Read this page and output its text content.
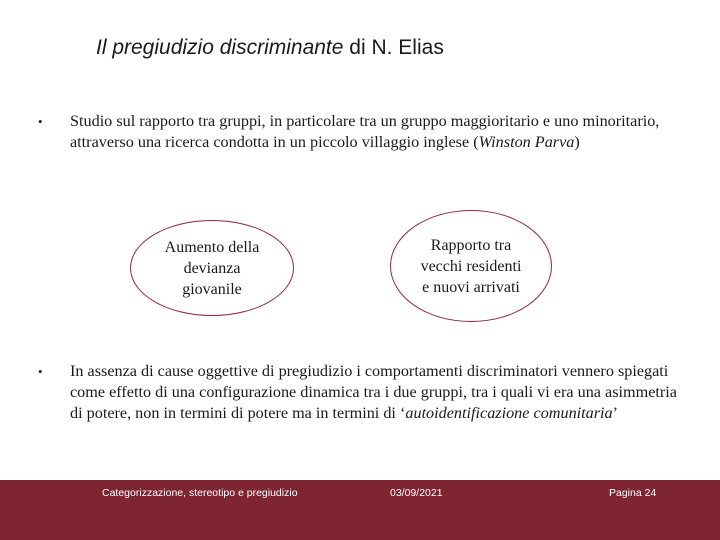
Il pregiudizio discriminante di N. Elias
• Studio sul rapporto tra gruppi, in particolare tra un gruppo maggioritario e uno minoritario, attraverso una ricerca condotta in un piccolo villaggio inglese (Winston Parva)
Aumento della devianza giovanile
Rapporto tra vecchi residenti e nuovi arrivati
• In assenza di cause oggettive di pregiudizio i comportamenti discriminatori vennero spiegati come effetto di una configurazione dinamica tra i due gruppi, tra i quali vi era una asimmetria di potere, non in termini di potere ma in termini di ‘autoidentificazione comunitaria’
Categorizzazione, stereotipo e pregiudizio	03/09/2021	Pagina 24
